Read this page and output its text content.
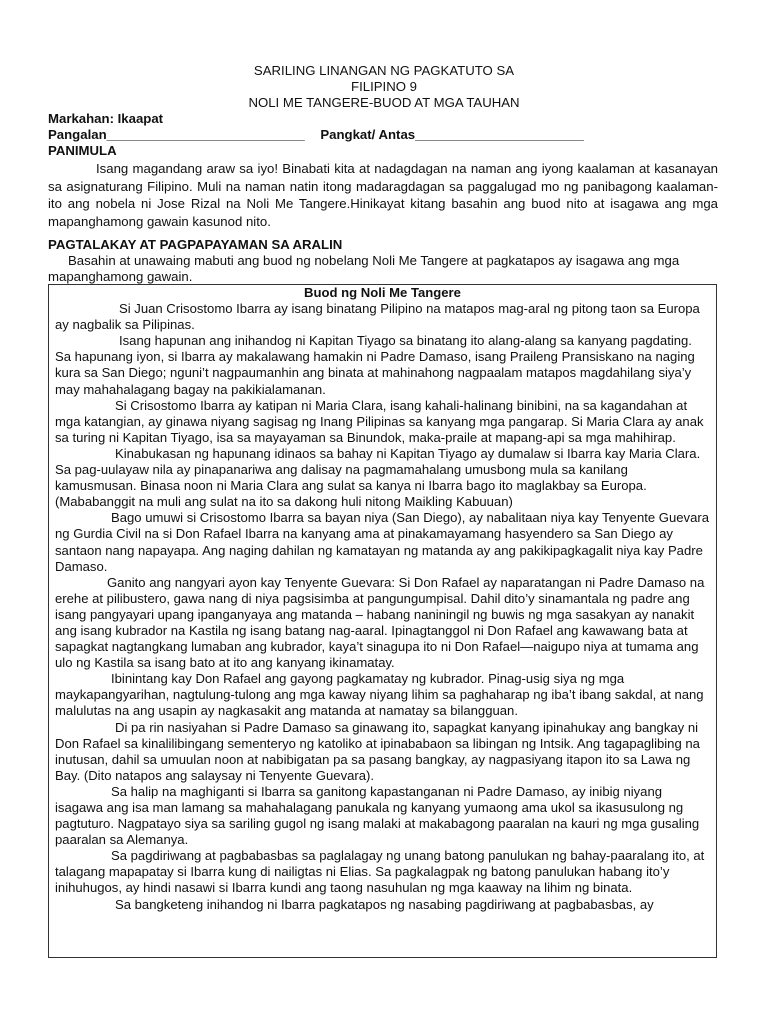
SARILING LINANGAN NG PAGKATUTO SA
FILIPINO 9
NOLI ME TANGERE-BUOD AT MGA TAUHAN
Markahan: Ikaapat
Pangalan___________________________ Pangkat/ Antas_______________________
PANIMULA

Isang magandang araw sa iyo! Binabati kita at nadagdagan na naman ang iyong kaalaman at kasanayan sa asignaturang Filipino. Muli na naman natin itong madaragdagan sa paggalugad mo ng panibagong kaalaman- ito ang nobela ni Jose Rizal na Noli Me Tangere.Hinikayat kitang basahin ang buod nito at isagawa ang mga mapanghamong gawain kasunod nito.

PAGTALAKAY AT PAGPAPAYAMAN SA ARALIN

Basahin at unawaing mabuti ang buod ng nobelang Noli Me Tangere at pagkatapos ay isagawa ang mga mapanghamong gawain.

Buod ng Noli Me Tangere

Si Juan Crisostomo Ibarra ay isang binatang Pilipino na matapos mag-aral ng pitong taon sa Europa ay nagbalik sa Pilipinas.

Isang hapunan ang inihandog ni Kapitan Tiyago sa binatang ito alang-alang sa kanyang pagdating. Sa hapunang iyon, si Ibarra ay makalawang hamakin ni Padre Damaso, isang Praileng Pransiskano na naging kura sa San Diego; nguni’t nagpaumanhin ang binata at mahinahong nagpaalam matapos magdahilang siya’y may mahahalagang bagay na pakikialamanan.

Si Crisostomo Ibarra ay katipan ni Maria Clara, isang kahali-halinang binibini, na sa kagandahan at mga katangian, ay ginawa niyang sagisag ng Inang Pilipinas sa kanyang mga pangarap. Si Maria Clara ay anak sa turing ni Kapitan Tiyago, isa sa mayayaman sa Binundok, maka-praile at mapang-api sa mga mahihirap.

Kinabukasan ng hapunang idinaos sa bahay ni Kapitan Tiyago ay dumalaw si Ibarra kay Maria Clara. Sa pag-uulayaw nila ay pinapanariwa ang dalisay na pagmamahalang umusbong mula sa kanilang kamusmusan. Binasa noon ni Maria Clara ang sulat sa kanya ni Ibarra bago ito maglakbay sa Europa. (Mababanggit na muli ang sulat na ito sa dakong huli nitong Maikling Kabuuan)

Bago umuwi si Crisostomo Ibarra sa bayan niya (San Diego), ay nabalitaan niya kay Tenyente Guevara ng Gurdia Civil na si Don Rafael Ibarra na kanyang ama at pinakamayamang hasyendero sa San Diego ay santaon nang napayapa. Ang naging dahilan ng kamatayan ng matanda ay ang pakikipagkagalit niya kay Padre Damaso.

Ganito ang nangyari ayon kay Tenyente Guevara: Si Don Rafael ay naparatangan ni Padre Damaso na erehe at pilibustero, gawa nang di niya pagsisimba at pangungumpisal. Dahil dito’y sinamantala ng padre ang isang pangyayari upang ipanganyaya ang matanda – habang naniningil ng buwis ng mga sasakyan ay nanakit ang isang kubrador na Kastila ng isang batang nag-aaral. Ipinagtanggol ni Don Rafael ang kawawang bata at sapagkat nagtangkang lumaban ang kubrador, kaya’t sinagupa ito ni Don Rafael—naigupo niya at tumama ang ulo ng Kastila sa isang bato at ito ang kanyang ikinamatay.

Ibinintang kay Don Rafael ang gayong pagkamatay ng kubrador. Pinag-usig siya ng mga maykapangyarihan, nagtulung-tulong ang mga kaway niyang lihim sa paghaharap ng iba’t ibang sakdal, at nang malulutas na ang usapin ay nagkasakit ang matanda at namatay sa bilangguan.

Di pa rin nasiyahan si Padre Damaso sa ginawang ito, sapagkat kanyang ipinahukay ang bangkay ni Don Rafael sa kinalilibingang sementeryo ng katoliko at ipinababaon sa libingan ng Intsik. Ang tagapaglibing na inutusan, dahil sa umuulan noon at nabibigatan pa sa pasang bangkay, ay nagpasiyang itapon ito sa Lawa ng Bay. (Dito natapos ang salaysay ni Tenyente Guevara).

Sa halip na maghiganti si Ibarra sa ganitong kapastanganan ni Padre Damaso, ay inibig niyang isagawa ang isa man lamang sa mahahalagang panukala ng kanyang yumaong ama ukol sa ikasusulong ng pagtuturo. Nagpatayo siya sa sariling gugol ng isang malaki at makabagong paaralan na kauri ng mga gusaling paaralan sa Alemanya.

Sa pagdiriwang at pagbabasbas sa paglalagay ng unang batong panulukan ng bahay-paaralang ito, at talagang mapapatay si Ibarra kung di nailigtas ni Elias. Sa pagkalagpak ng batong panulukan habang ito’y inihuhugos, ay hindi nasawi si Ibarra kundi ang taong nasuhulan ng mga kaaway na lihim ng binata.

Sa bangketeng inihandog ni Ibarra pagkatapos ng nasabing pagdiriwang at pagbabasbas, ay
